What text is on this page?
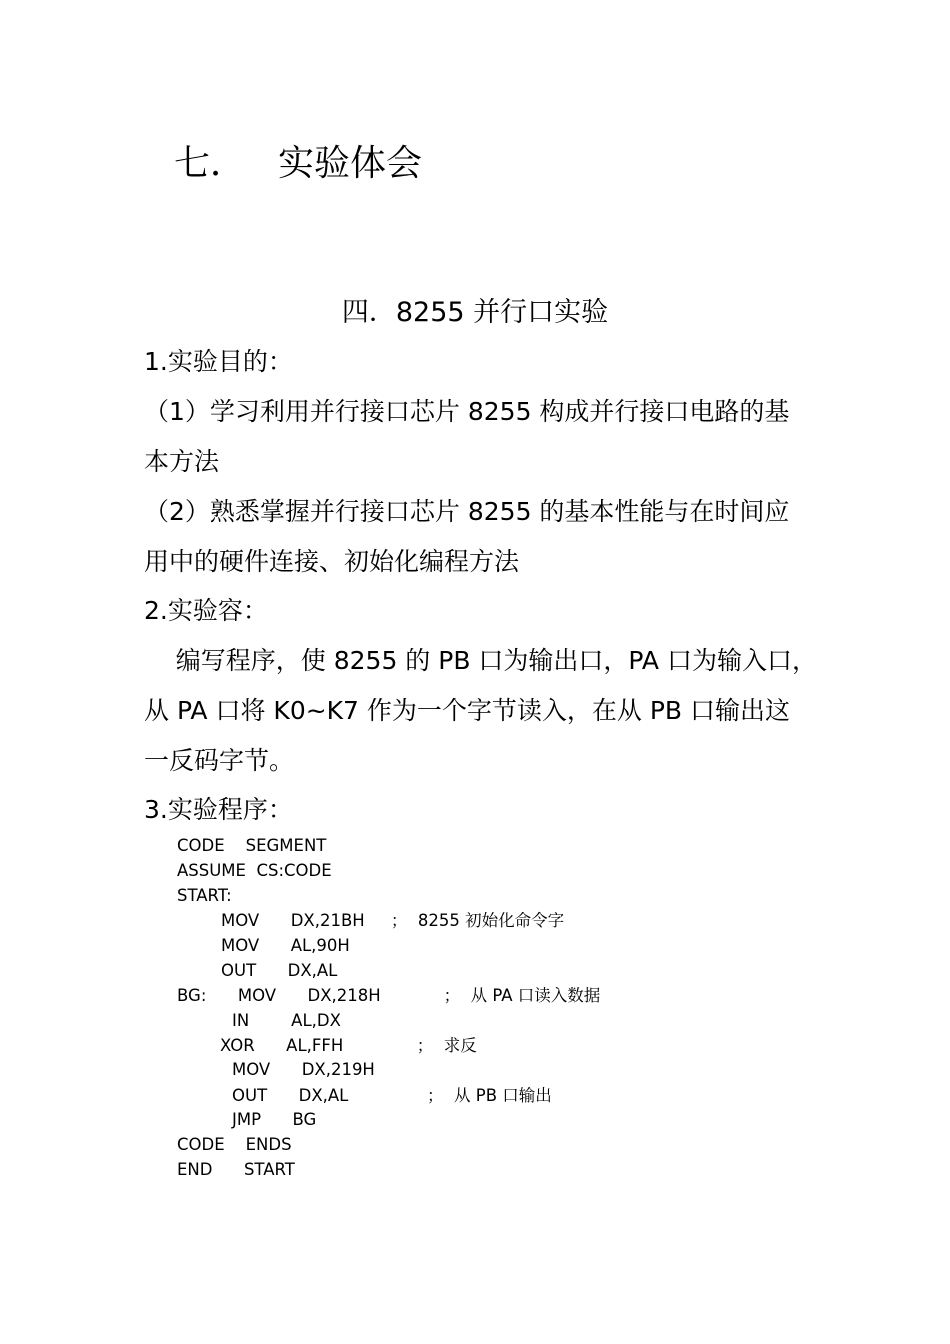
七． 实验体会
四．8255 并行口实验
1.实验目的：
（1）学习利用并行接口芯片 8255 构成并行接口电路的基
本方法
（2）熟悉掌握并行接口芯片 8255 的基本性能与在时间应
用中的硬件连接、初始化编程方法
2.实验容：
编写程序，使 8255 的 PB 口为输出口，PA 口为输入口，
从 PA 口将 K0~K7 作为一个字节读入，在从 PB 口输出这
一反码字节。
3.实验程序：
CODE    SEGMENT
ASSUME  CS:CODE
START:
MOV      DX,21BH     ；  8255 初始化命令字
MOV      AL,90H
OUT      DX,AL
BG:      MOV      DX,218H            ；  从 PA 口读入数据
IN        AL,DX
XOR      AL,FFH              ；  求反
MOV      DX,219H
OUT      DX,AL               ；  从 PB 口输出
JMP      BG
CODE    ENDS
END      START
